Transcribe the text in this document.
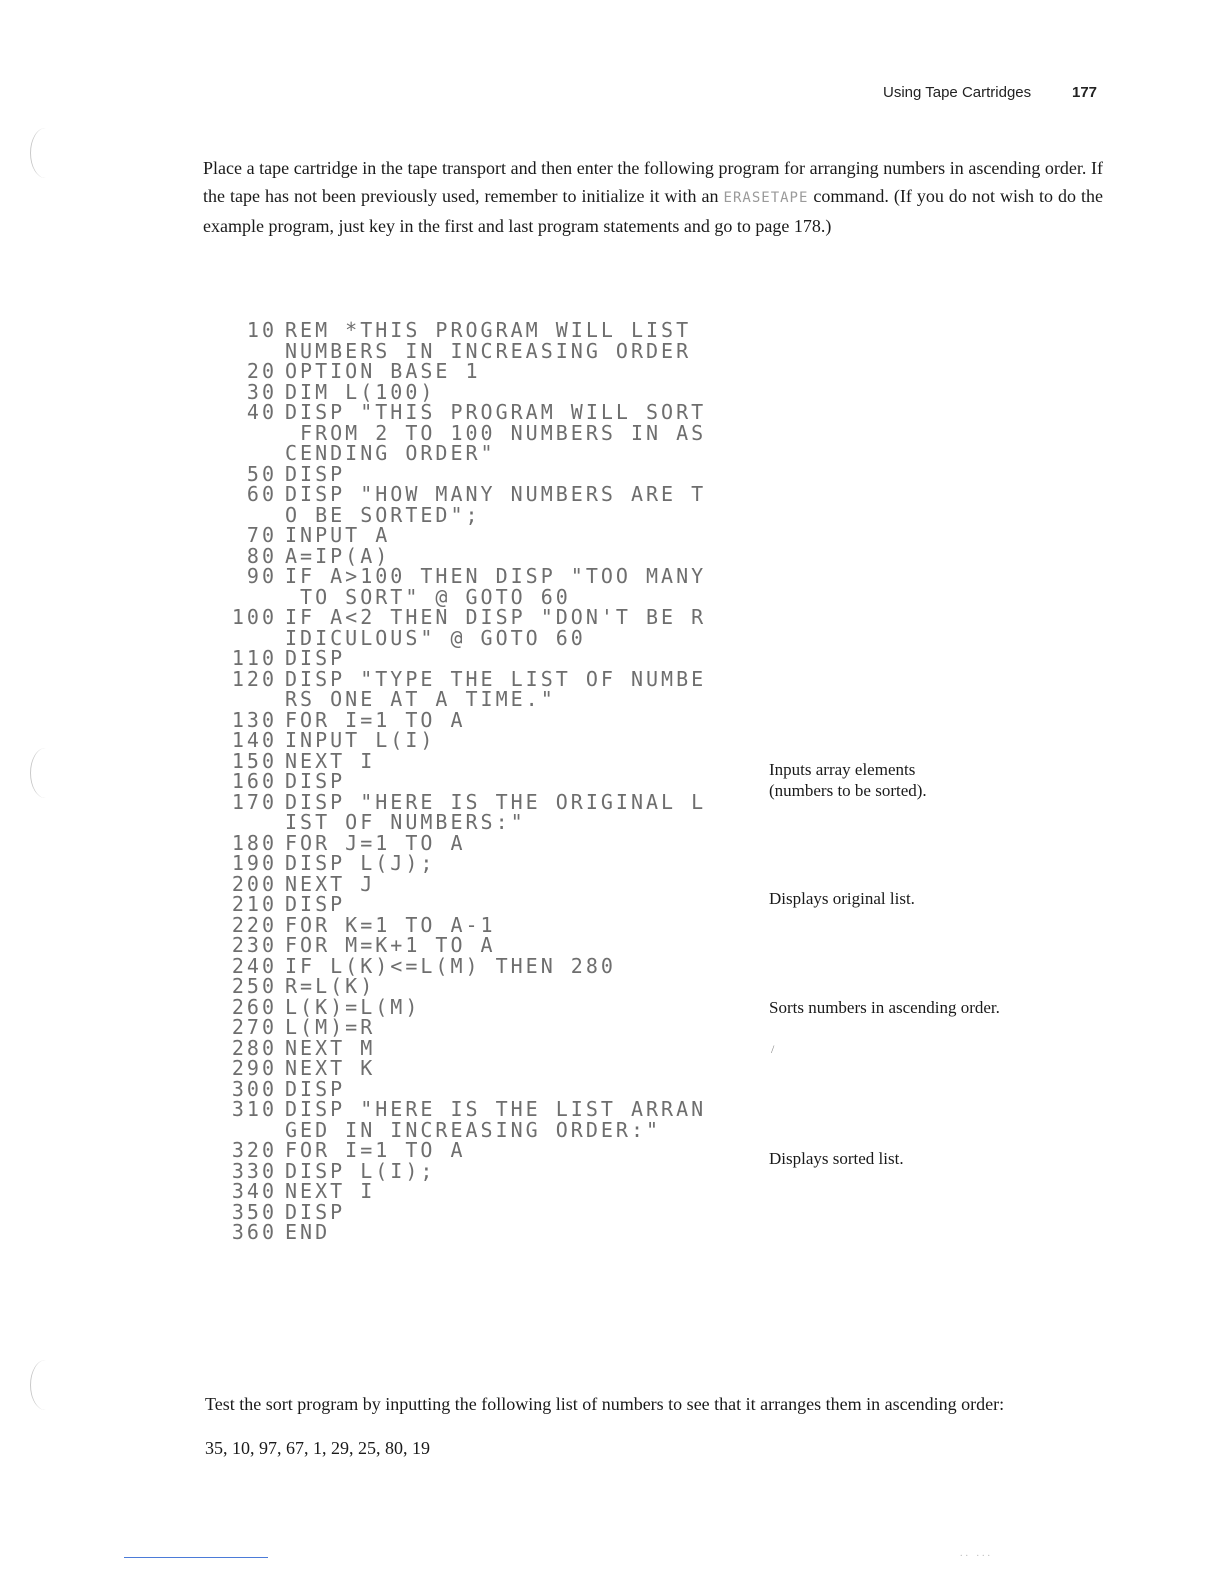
Using Tape Cartridges	177

Place a tape cartridge in the tape transport and then enter the following program for arranging numbers in ascending order. If the tape has not been previously used, remember to initialize it with an ERASETAPE command. (If you do not wish to do the example program, just key in the first and last program statements and go to page 178.)

10 REM *THIS PROGRAM WILL LIST
NUMBERS IN INCREASING ORDER
20 OPTION BASE 1
30 DIM L(100)
40 DISP "THIS PROGRAM WILL SORT
FROM 2 TO 100 NUMBERS IN AS
CENDING ORDER"
50 DISP
60 DISP "HOW MANY NUMBERS ARE T
O BE SORTED";
70 INPUT A
80 A=IP(A)
90 IF A>100 THEN DISP "TOO MANY
TO SORT" @ GOTO 60
100 IF A<2 THEN DISP "DON'T BE R
IDICULOUS" @ GOTO 60
110 DISP
120 DISP "TYPE THE LIST OF NUMBE
RS ONE AT A TIME."
130 FOR I=1 TO A
140 INPUT L(I)
150 NEXT I
160 DISP
170 DISP "HERE IS THE ORIGINAL L
IST OF NUMBERS:"
180 FOR J=1 TO A
190 DISP L(J);
200 NEXT J
210 DISP
220 FOR K=1 TO A-1
230 FOR M=K+1 TO A
240 IF L(K)<=L(M) THEN 280
250 R=L(K)
260 L(K)=L(M)
270 L(M)=R
280 NEXT M
290 NEXT K
300 DISP
310 DISP "HERE IS THE LIST ARRAN
GED IN INCREASING ORDER:"
320 FOR I=1 TO A
330 DISP L(I);
340 NEXT I
350 DISP
360 END

Inputs array elements
(numbers to be sorted).

Displays original list.

Sorts numbers in ascending order.

/

Displays sorted list.

Test the sort program by inputting the following list of numbers to see that it arranges them in ascending order:

35, 10, 97, 67, 1, 29, 25, 80, 19

.. ...
